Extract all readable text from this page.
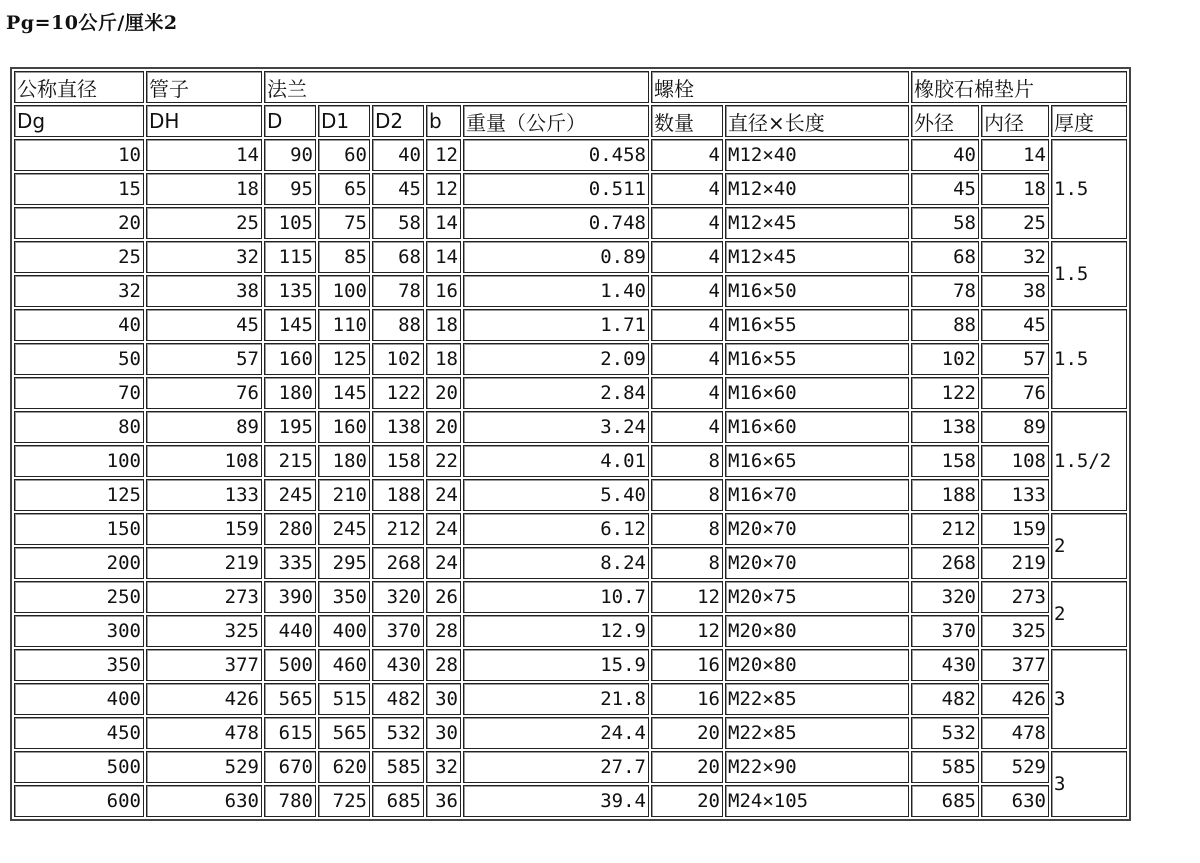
Pg=10公斤/厘米2
公称直径	管子	法兰					螺栓		橡胶石棉垫片		
Dg	DH	D	D1	D2	b	重量（公斤）	数量	直径×长度	外径	内径	厚度
10	14	90	60	40	12	0.458	4	M12×40	40	14	1.5
15	18	95	65	45	12	0.511	4	M12×40	45	18	
20	25	105	75	58	14	0.748	4	M12×45	58	25	
25	32	115	85	68	14	0.89	4	M12×45	68	32	1.5
32	38	135	100	78	16	1.40	4	M16×50	78	38	
40	45	145	110	88	18	1.71	4	M16×55	88	45	1.5
50	57	160	125	102	18	2.09	4	M16×55	102	57	
70	76	180	145	122	20	2.84	4	M16×60	122	76	
80	89	195	160	138	20	3.24	4	M16×60	138	89	1.5/2
100	108	215	180	158	22	4.01	8	M16×65	158	108	
125	133	245	210	188	24	5.40	8	M16×70	188	133	
150	159	280	245	212	24	6.12	8	M20×70	212	159	2
200	219	335	295	268	24	8.24	8	M20×70	268	219	
250	273	390	350	320	26	10.7	12	M20×75	320	273	2
300	325	440	400	370	28	12.9	12	M20×80	370	325	
350	377	500	460	430	28	15.9	16	M20×80	430	377	3
400	426	565	515	482	30	21.8	16	M22×85	482	426	
450	478	615	565	532	30	24.4	20	M22×85	532	478	
500	529	670	620	585	32	27.7	20	M22×90	585	529	3
600	630	780	725	685	36	39.4	20	M24×105	685	630	
